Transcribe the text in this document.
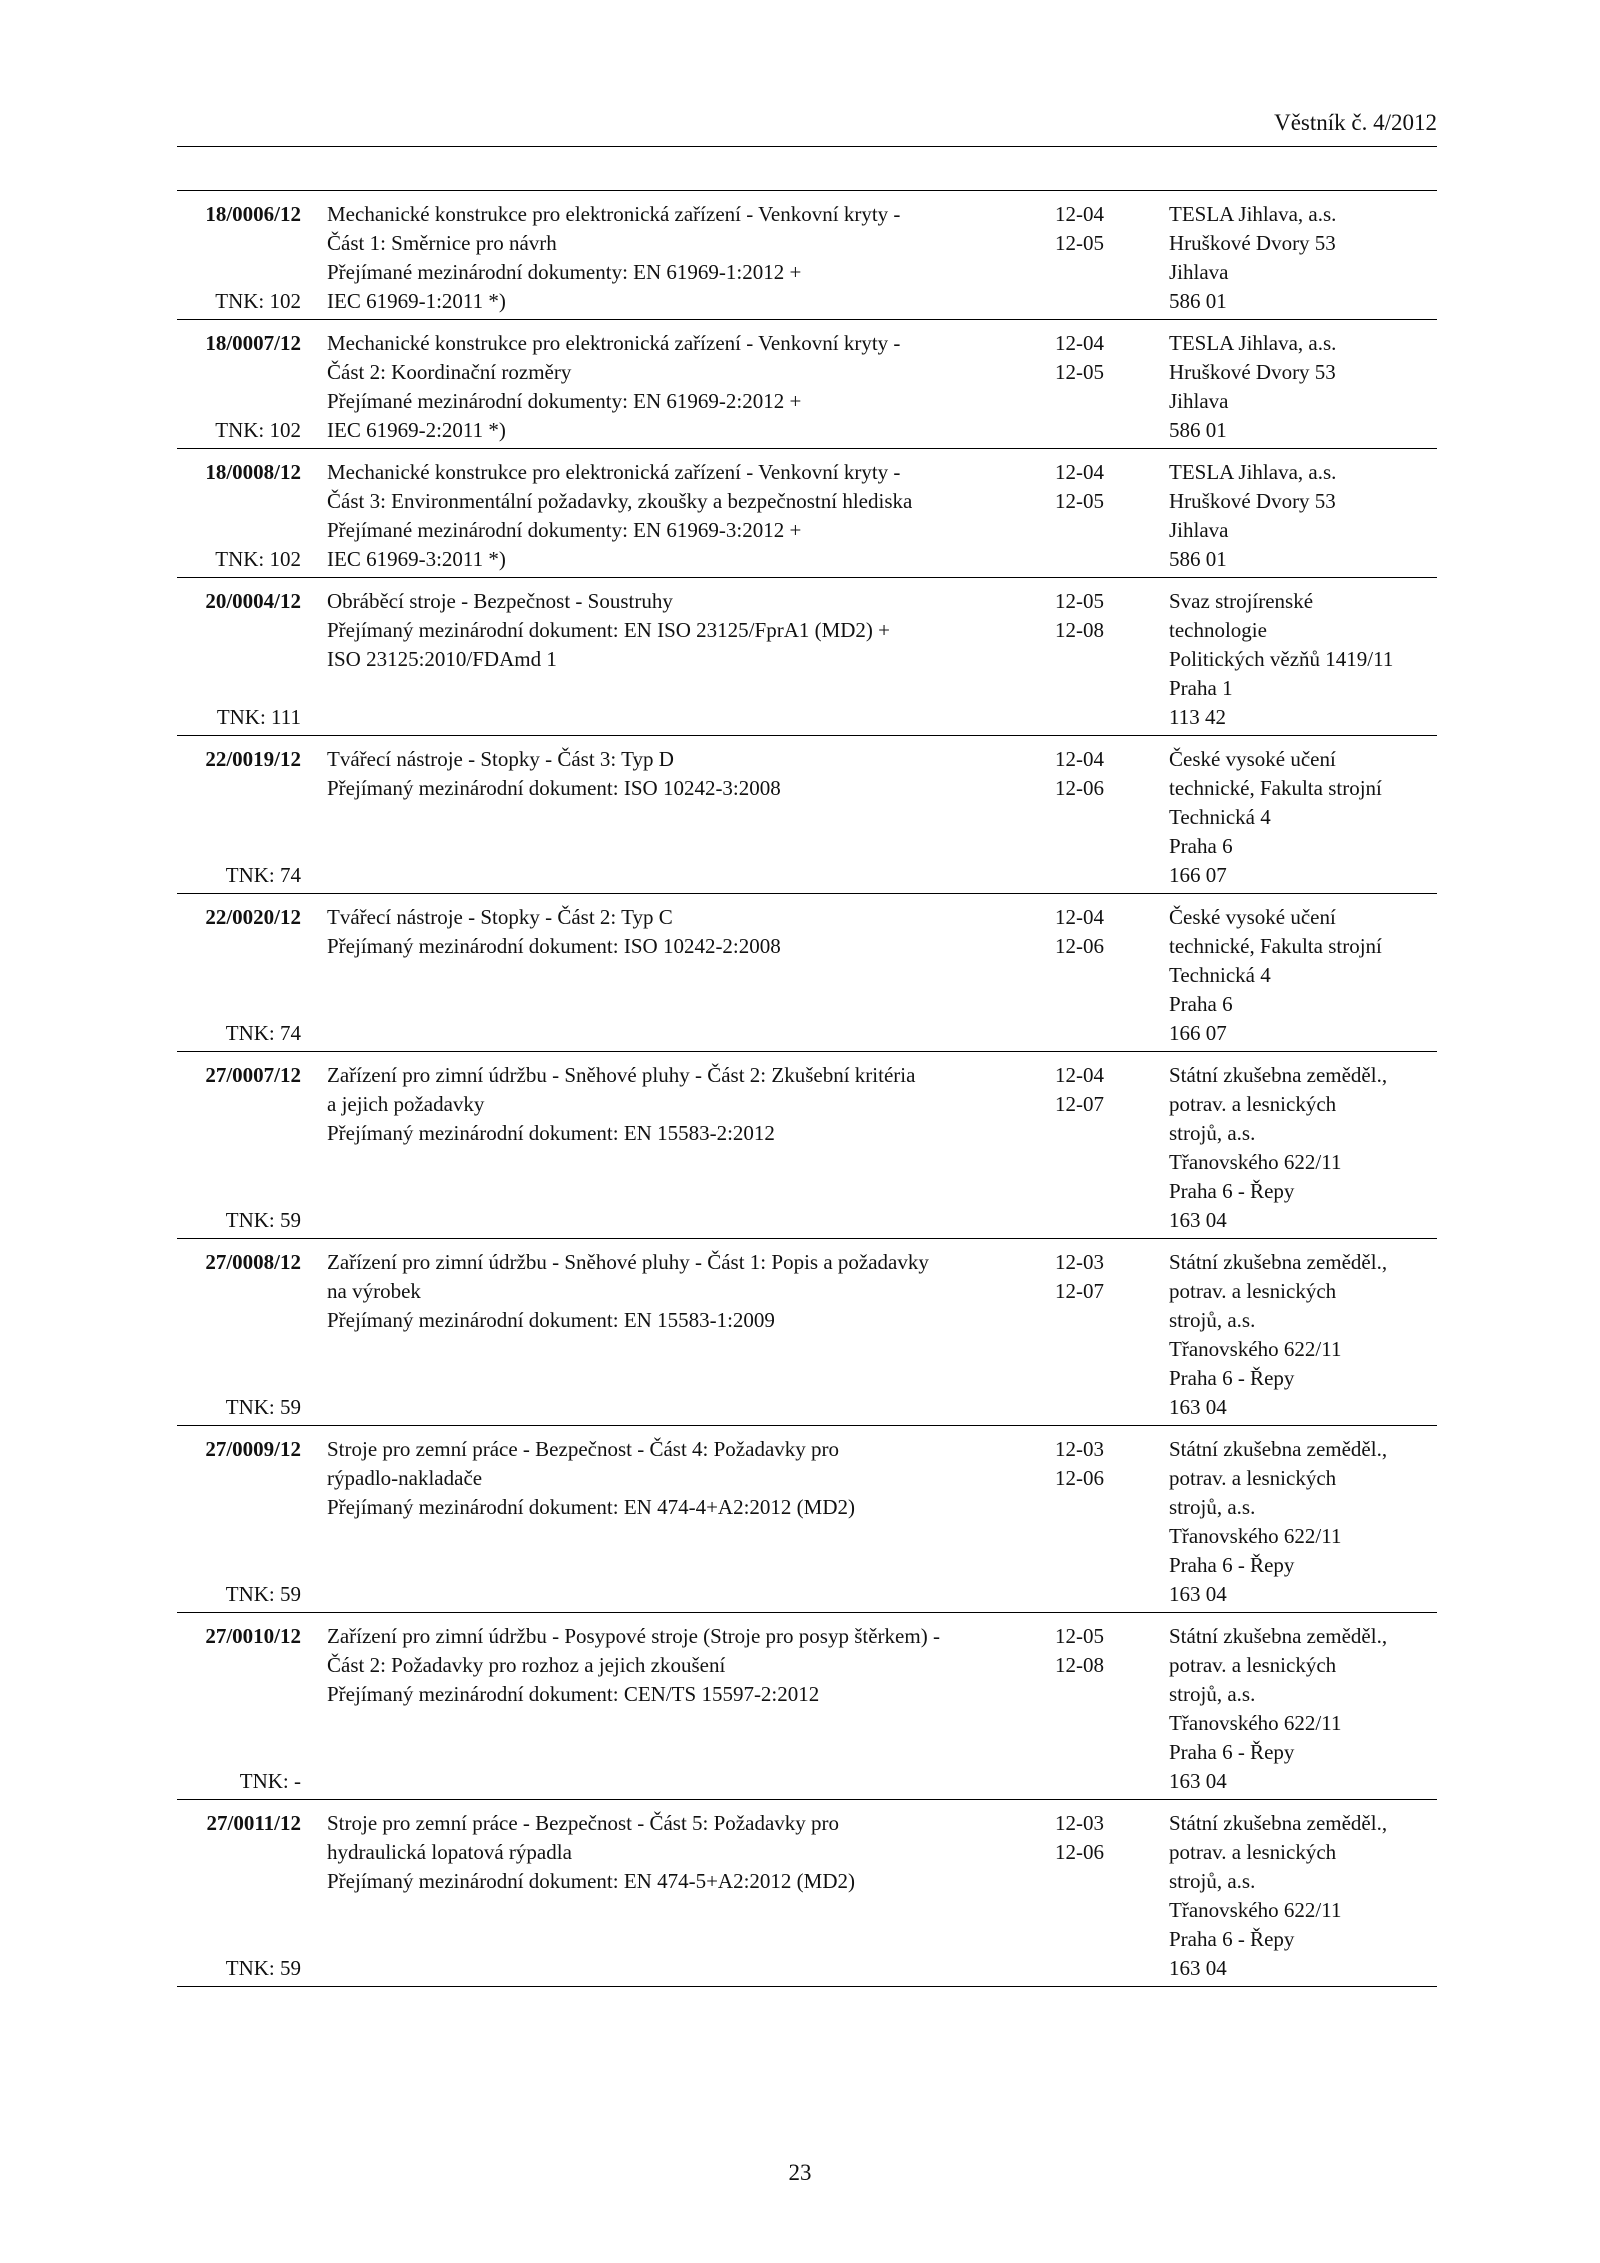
Věstník č. 4/2012
18/0006/12
TNK: 102
Mechanické konstrukce pro elektronická zařízení - Venkovní kryty -
Část 1: Směrnice pro návrh
Přejímané mezinárodní dokumenty: EN 61969-1:2012 +
IEC 61969-1:2011 *)
12-04
12-05
TESLA Jihlava, a.s.
Hruškové Dvory 53
Jihlava
586 01
18/0007/12
TNK: 102
Mechanické konstrukce pro elektronická zařízení - Venkovní kryty -
Část 2: Koordinační rozměry
Přejímané mezinárodní dokumenty: EN 61969-2:2012 +
IEC 61969-2:2011 *)
12-04
12-05
TESLA Jihlava, a.s.
Hruškové Dvory 53
Jihlava
586 01
18/0008/12
TNK: 102
Mechanické konstrukce pro elektronická zařízení - Venkovní kryty -
Část 3: Environmentální požadavky, zkoušky a bezpečnostní hlediska
Přejímané mezinárodní dokumenty: EN 61969-3:2012 +
IEC 61969-3:2011 *)
12-04
12-05
TESLA Jihlava, a.s.
Hruškové Dvory 53
Jihlava
586 01
20/0004/12
TNK: 111
Obráběcí stroje - Bezpečnost - Soustruhy
Přejímaný mezinárodní dokument: EN ISO 23125/FprA1 (MD2) +
ISO 23125:2010/FDAmd 1
12-05
12-08
Svaz strojírenské
technologie
Politických vězňů 1419/11
Praha 1
113 42
22/0019/12
TNK: 74
Tvářecí nástroje - Stopky - Část 3: Typ D
Přejímaný mezinárodní dokument: ISO 10242-3:2008
12-04
12-06
České vysoké učení
technické, Fakulta strojní
Technická 4
Praha 6
166 07
22/0020/12
TNK: 74
Tvářecí nástroje - Stopky - Část 2: Typ C
Přejímaný mezinárodní dokument: ISO 10242-2:2008
12-04
12-06
České vysoké učení
technické, Fakulta strojní
Technická 4
Praha 6
166 07
27/0007/12
TNK: 59
Zařízení pro zimní údržbu - Sněhové pluhy - Část 2: Zkušební kritéria
a jejich požadavky
Přejímaný mezinárodní dokument: EN 15583-2:2012
12-04
12-07
Státní zkušebna zeměděl.,
potrav. a lesnických
strojů, a.s.
Třanovského 622/11
Praha 6 - Řepy
163 04
27/0008/12
TNK: 59
Zařízení pro zimní údržbu - Sněhové pluhy - Část 1: Popis a požadavky
na výrobek
Přejímaný mezinárodní dokument: EN 15583-1:2009
12-03
12-07
Státní zkušebna zeměděl.,
potrav. a lesnických
strojů, a.s.
Třanovského 622/11
Praha 6 - Řepy
163 04
27/0009/12
TNK: 59
Stroje pro zemní práce - Bezpečnost - Část 4: Požadavky pro
rýpadlo-nakladače
Přejímaný mezinárodní dokument: EN 474-4+A2:2012 (MD2)
12-03
12-06
Státní zkušebna zeměděl.,
potrav. a lesnických
strojů, a.s.
Třanovského 622/11
Praha 6 - Řepy
163 04
27/0010/12
TNK: -
Zařízení pro zimní údržbu - Posypové stroje (Stroje pro posyp štěrkem) -
Část 2: Požadavky pro rozhoz a jejich zkoušení
Přejímaný mezinárodní dokument: CEN/TS 15597-2:2012
12-05
12-08
Státní zkušebna zeměděl.,
potrav. a lesnických
strojů, a.s.
Třanovského 622/11
Praha 6 - Řepy
163 04
27/0011/12
TNK: 59
Stroje pro zemní práce - Bezpečnost - Část 5: Požadavky pro
hydraulická lopatová rýpadla
Přejímaný mezinárodní dokument: EN 474-5+A2:2012 (MD2)
12-03
12-06
Státní zkušebna zeměděl.,
potrav. a lesnických
strojů, a.s.
Třanovského 622/11
Praha 6 - Řepy
163 04
23
